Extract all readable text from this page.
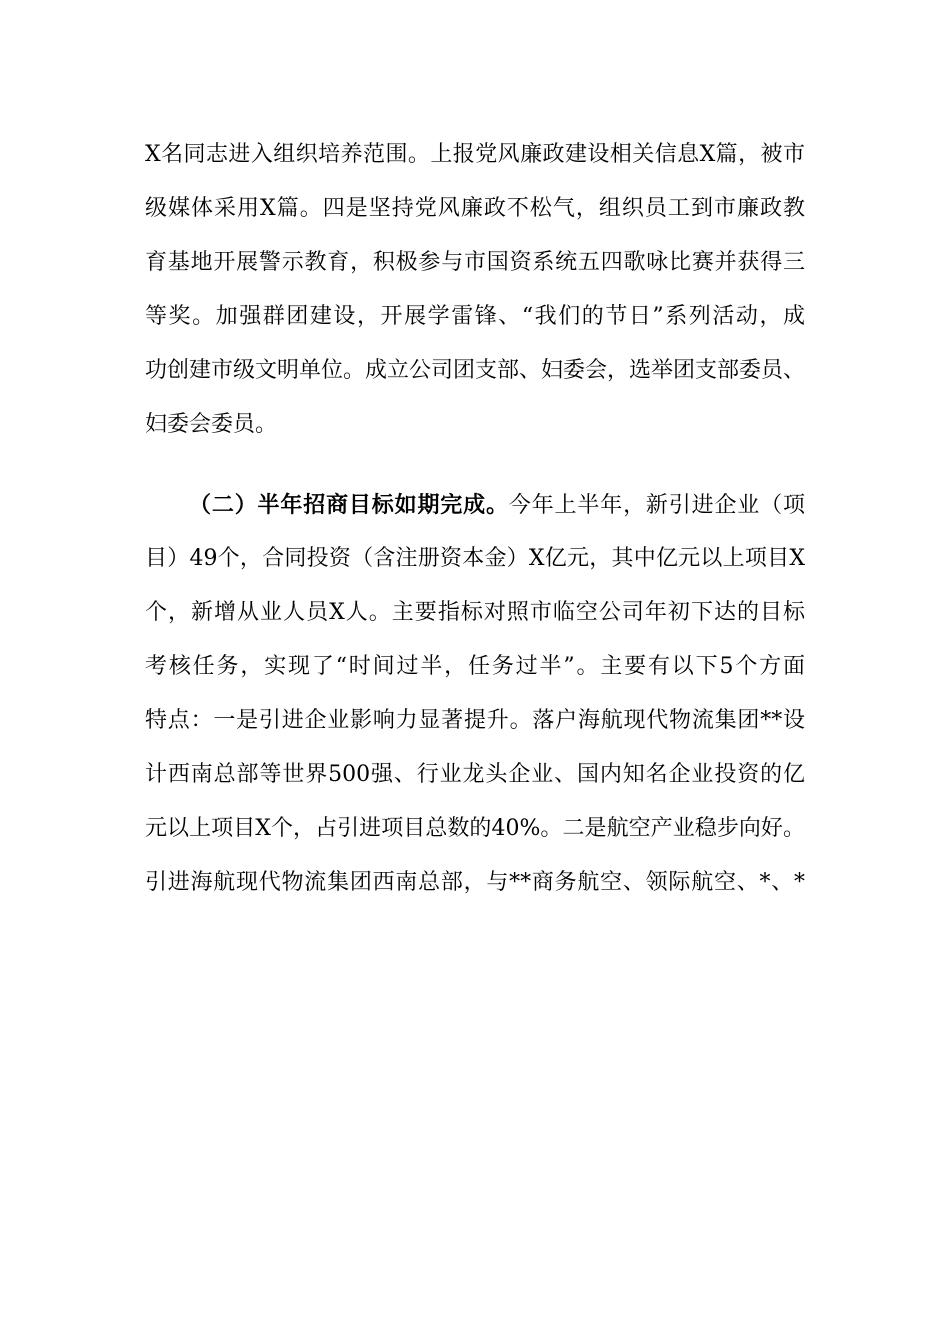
X名同志进入组织培养范围。上报党风廉政建设相关信息X篇，被市
级媒体采用X篇。四是坚持党风廉政不松气，组织员工到市廉政教
育基地开展警示教育，积极参与市国资系统五四歌咏比赛并获得三
等奖。加强群团建设，开展学雷锋、“我们的节日”系列活动，成
功创建市级文明单位。成立公司团支部、妇委会，选举团支部委员、
妇委会委员。
（二）半年招商目标如期完成。今年上半年，新引进企业（项
目）49个，合同投资（含注册资本金）X亿元，其中亿元以上项目X
个，新增从业人员X人。主要指标对照市临空公司年初下达的目标
考核任务，实现了“时间过半，任务过半”。主要有以下5个方面
特点：一是引进企业影响力显著提升。落户海航现代物流集团**设
计西南总部等世界500强、行业龙头企业、国内知名企业投资的亿
元以上项目X个，占引进项目总数的40%。二是航空产业稳步向好。
引进海航现代物流集团西南总部，与**商务航空、领际航空、*、*
